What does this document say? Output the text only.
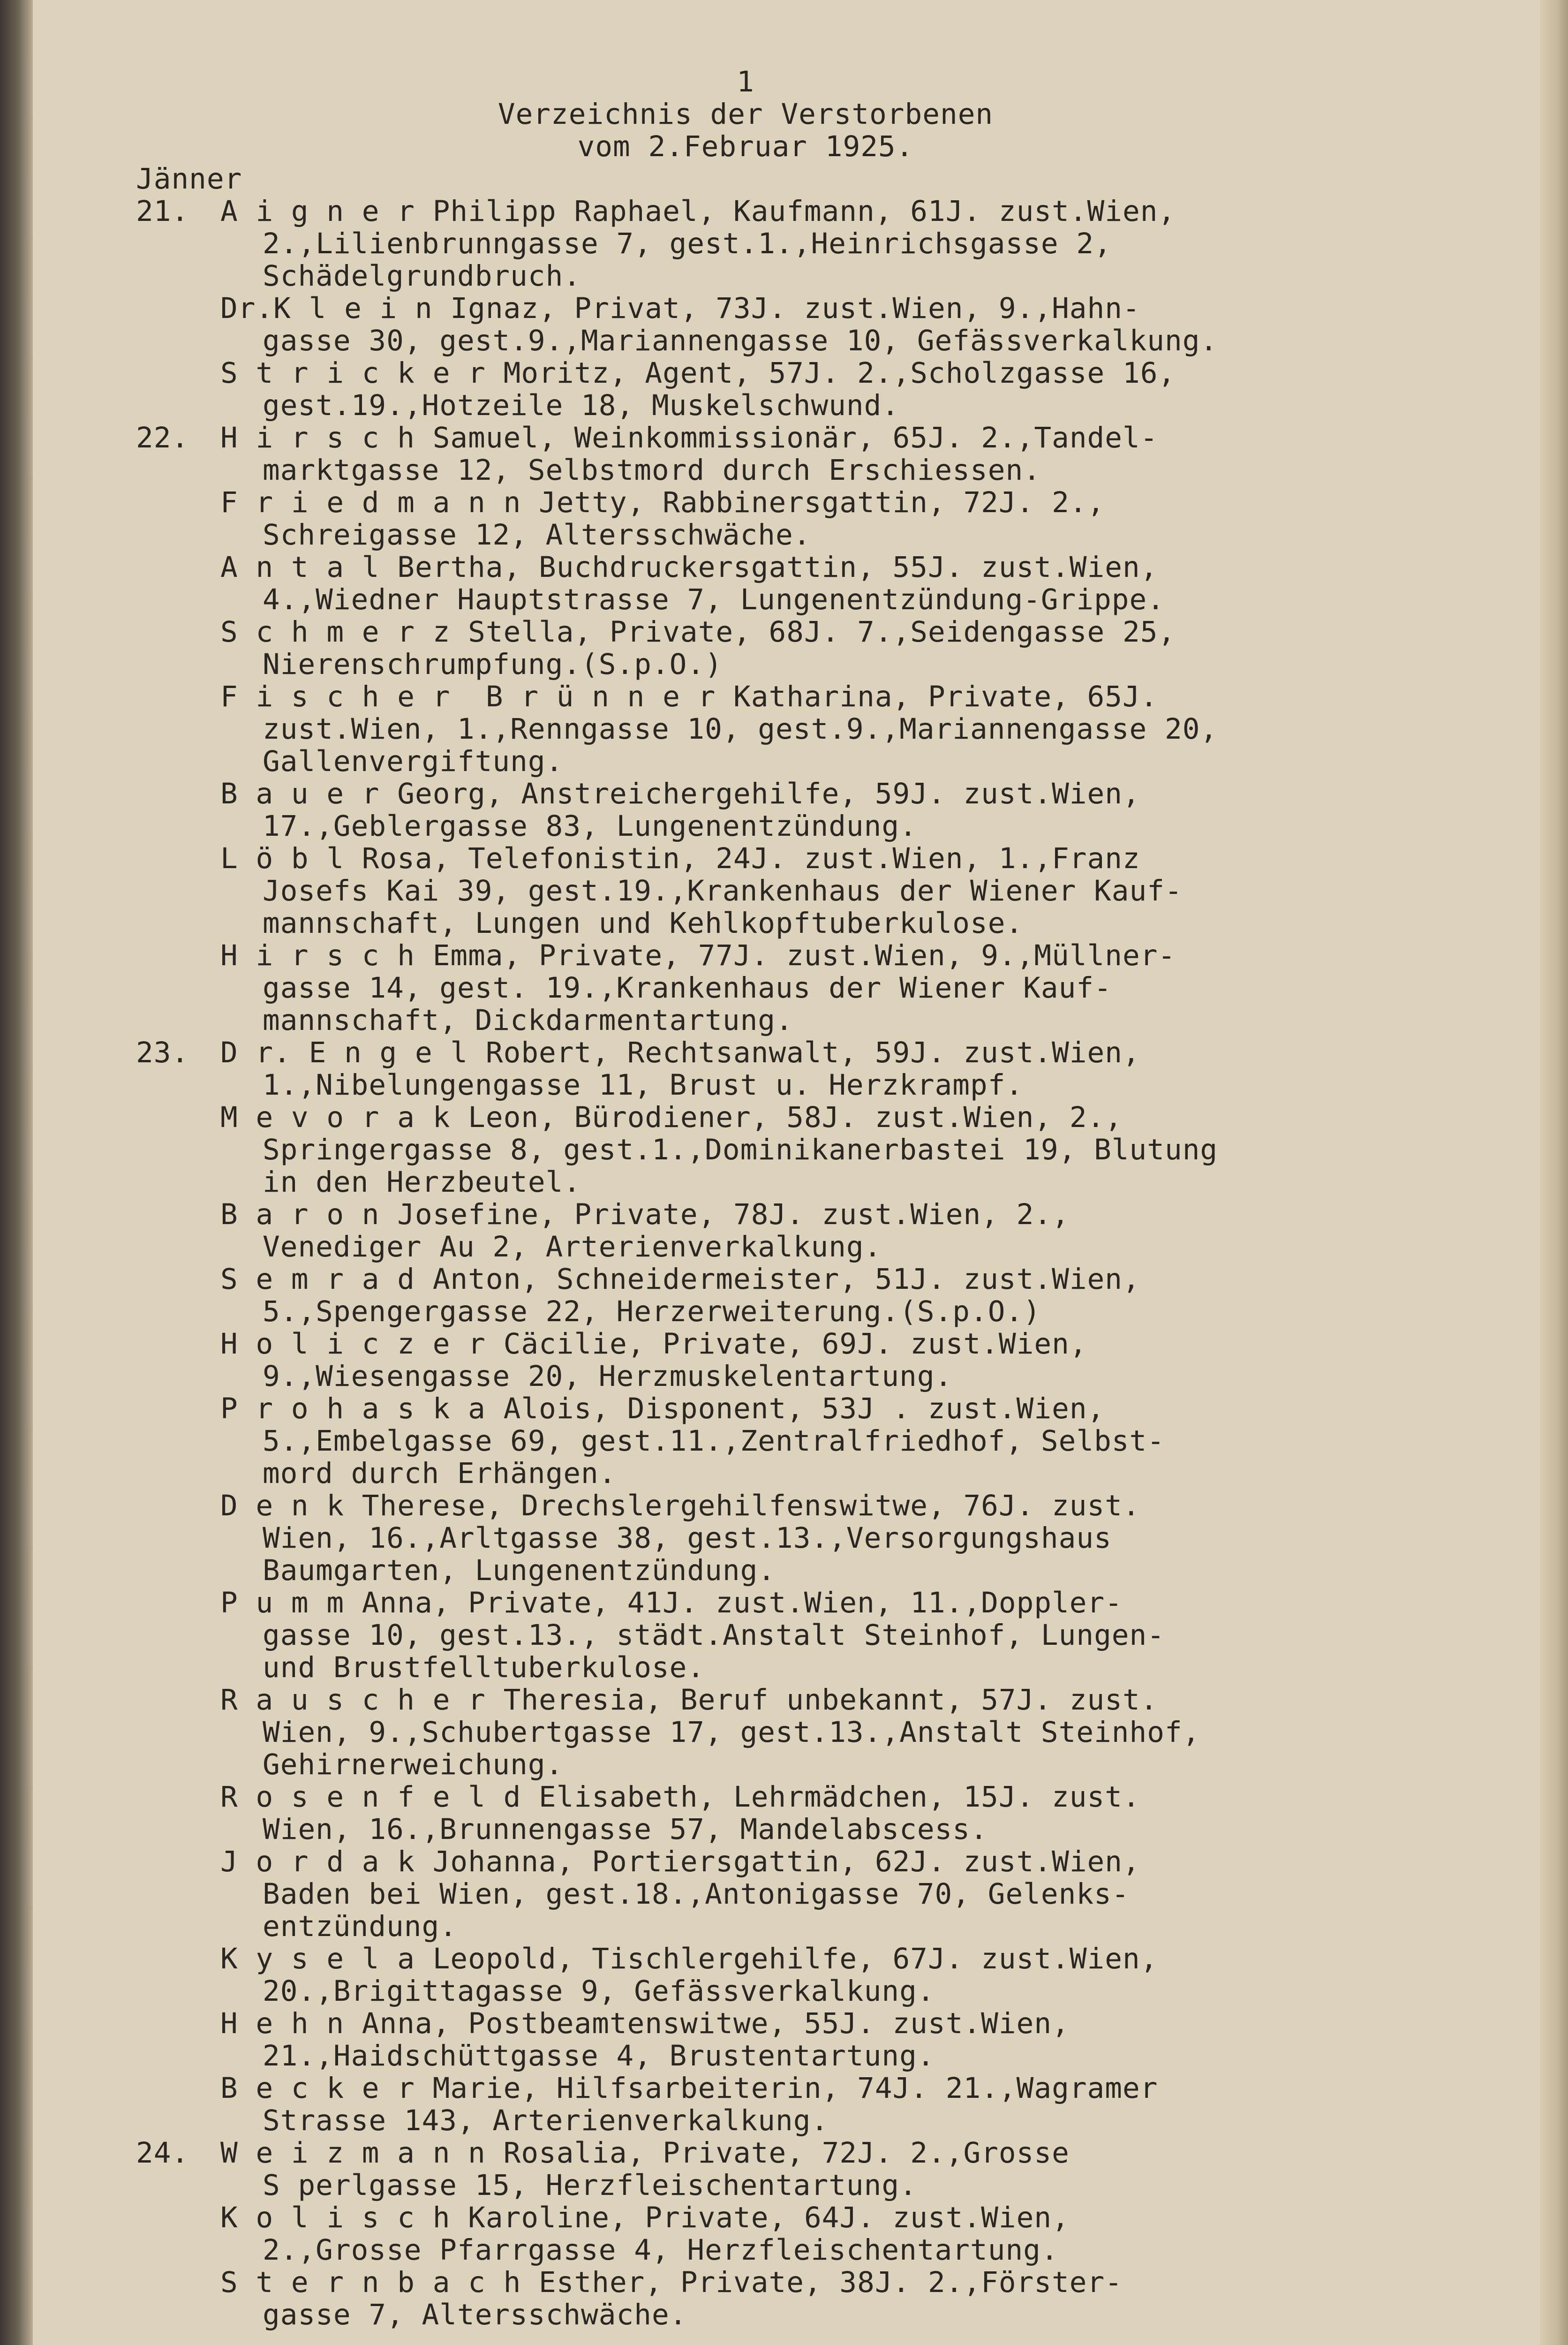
1
Verzeichnis der Verstorbenen
vom 2.Februar 1925.
Jänner
21.	A i g n e r Philipp Raphael, Kaufmann, 61J. zust.Wien,
2.,Lilienbrunngasse 7, gest.1.,Heinrichsgasse 2,
Schädelgrundbruch.
Dr.K l e i n Ignaz, Privat, 73J. zust.Wien, 9.,Hahn-
gasse 30, gest.9.,Mariannengasse 10, Gefässverkalkung.
S t r i c k e r Moritz, Agent, 57J. 2.,Scholzgasse 16,
gest.19.,Hotzeile 18, Muskelschwund.
22.	H i r s c h Samuel, Weinkommissionär, 65J. 2.,Tandel-
marktgasse 12, Selbstmord durch Erschiessen.
F r i e d m a n n Jetty, Rabbinersgattin, 72J. 2.,
Schreigasse 12, Altersschwäche.
A n t a l Bertha, Buchdruckersgattin, 55J. zust.Wien,
4.,Wiedner Hauptstrasse 7, Lungenentzündung-Grippe.
S c h m e r z Stella, Private, 68J. 7.,Seidengasse 25,
Nierenschrumpfung.(S.p.O.)
F i s c h e r  B r ü n n e r Katharina, Private, 65J.
zust.Wien, 1.,Renngasse 10, gest.9.,Mariannengasse 20,
Gallenvergiftung.
B a u e r Georg, Anstreichergehilfe, 59J. zust.Wien,
17.,Geblergasse 83, Lungenentzündung.
L ö b l Rosa, Telefonistin, 24J. zust.Wien, 1.,Franz
Josefs Kai 39, gest.19.,Krankenhaus der Wiener Kauf-
mannschaft, Lungen und Kehlkopftuberkulose.
H i r s c h Emma, Private, 77J. zust.Wien, 9.,Müllner-
gasse 14, gest. 19.,Krankenhaus der Wiener Kauf-
mannschaft, Dickdarmentartung.
23.	D r. E n g e l Robert, Rechtsanwalt, 59J. zust.Wien,
1.,Nibelungengasse 11, Brust u. Herzkrampf.
M e v o r a k Leon, Bürodiener, 58J. zust.Wien, 2.,
Springergasse 8, gest.1.,Dominikanerbastei 19, Blutung
in den Herzbeutel.
B a r o n Josefine, Private, 78J. zust.Wien, 2.,
Venediger Au 2, Arterienverkalkung.
S e m r a d Anton, Schneidermeister, 51J. zust.Wien,
5.,Spengergasse 22, Herzerweiterung.(S.p.O.)
H o l i c z e r Cäcilie, Private, 69J. zust.Wien,
9.,Wiesengasse 20, Herzmuskelentartung.
P r o h a s k a Alois, Disponent, 53J . zust.Wien,
5.,Embelgasse 69, gest.11.,Zentralfriedhof, Selbst-
mord durch Erhängen.
D e n k Therese, Drechslergehilfenswitwe, 76J. zust.
Wien, 16.,Arltgasse 38, gest.13.,Versorgungshaus
Baumgarten, Lungenentzündung.
P u m m Anna, Private, 41J. zust.Wien, 11.,Doppler-
gasse 10, gest.13., städt.Anstalt Steinhof, Lungen-
und Brustfelltuberkulose.
R a u s c h e r Theresia, Beruf unbekannt, 57J. zust.
Wien, 9.,Schubertgasse 17, gest.13.,Anstalt Steinhof,
Gehirnerweichung.
R o s e n f e l d Elisabeth, Lehrmädchen, 15J. zust.
Wien, 16.,Brunnengasse 57, Mandelabscess.
J o r d a k Johanna, Portiersgattin, 62J. zust.Wien,
Baden bei Wien, gest.18.,Antonigasse 70, Gelenks-
entzündung.
K y s e l a Leopold, Tischlergehilfe, 67J. zust.Wien,
20.,Brigittagasse 9, Gefässverkalkung.
H e h n Anna, Postbeamtenswitwe, 55J. zust.Wien,
21.,Haidschüttgasse 4, Brustentartung.
B e c k e r Marie, Hilfsarbeiterin, 74J. 21.,Wagramer
Strasse 143, Arterienverkalkung.
24.	W e i z m a n n Rosalia, Private, 72J. 2.,Grosse
S perlgasse 15, Herzfleischentartung.
K o l i s c h Karoline, Private, 64J. zust.Wien,
2.,Grosse Pfarrgasse 4, Herzfleischentartung.
S t e r n b a c h Esther, Private, 38J. 2.,Förster-
gasse 7, Altersschwäche.
